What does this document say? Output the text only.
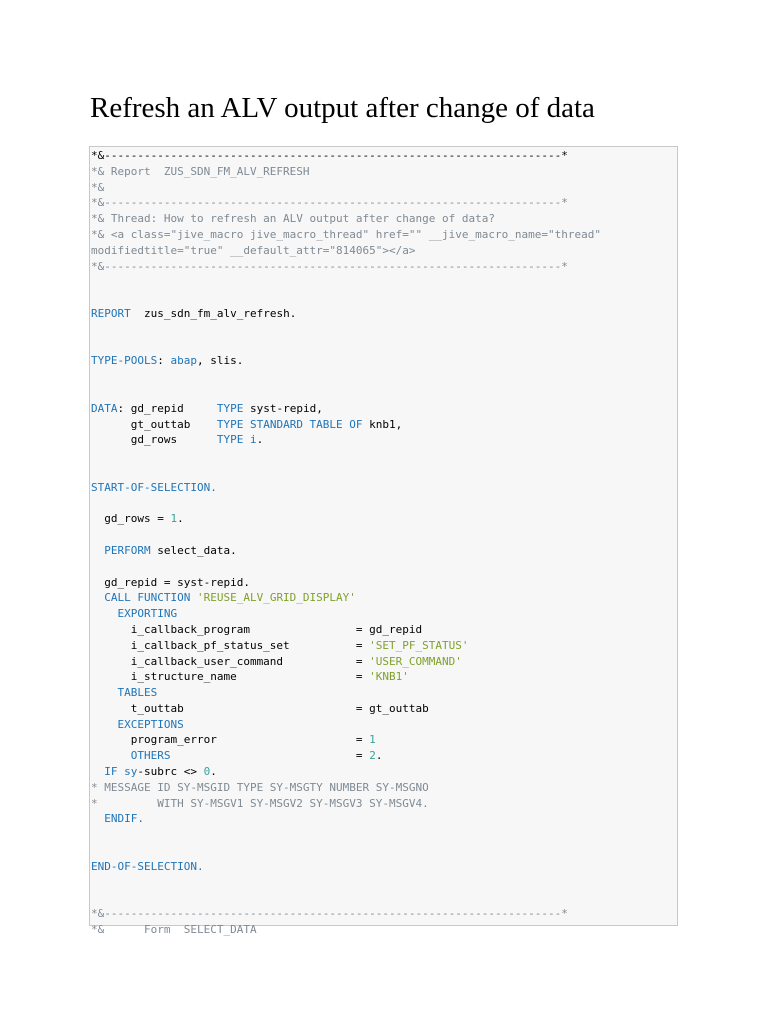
Refresh an ALV output after change of data
*&---------------------------------------------------------------------*
*& Report  ZUS_SDN_FM_ALV_REFRESH
*&
*&---------------------------------------------------------------------*
*& Thread: How to refresh an ALV output after change of data?
*& <a class="jive_macro jive_macro_thread" href="" __jive_macro_name="thread"
modifiedtitle="true" __default_attr="814065"></a>
*&---------------------------------------------------------------------*

REPORT  zus_sdn_fm_alv_refresh.

TYPE-POOLS: abap, slis.

DATA: gd_repid     TYPE syst-repid,
gt_outtab    TYPE STANDARD TABLE OF knb1,
gd_rows      TYPE i.

START-OF-SELECTION.

gd_rows = 1.

PERFORM select_data.

gd_repid = syst-repid.
CALL FUNCTION 'REUSE_ALV_GRID_DISPLAY'
EXPORTING
i_callback_program                = gd_repid
i_callback_pf_status_set          = 'SET_PF_STATUS'
i_callback_user_command           = 'USER_COMMAND'
i_structure_name                  = 'KNB1'
TABLES
t_outtab                          = gt_outtab
EXCEPTIONS
program_error                     = 1
OTHERS                            = 2.
IF sy-subrc <> 0.
* MESSAGE ID SY-MSGID TYPE SY-MSGTY NUMBER SY-MSGNO
*         WITH SY-MSGV1 SY-MSGV2 SY-MSGV3 SY-MSGV4.
ENDIF.

END-OF-SELECTION.

*&---------------------------------------------------------------------*
*&      Form  SELECT_DATA
